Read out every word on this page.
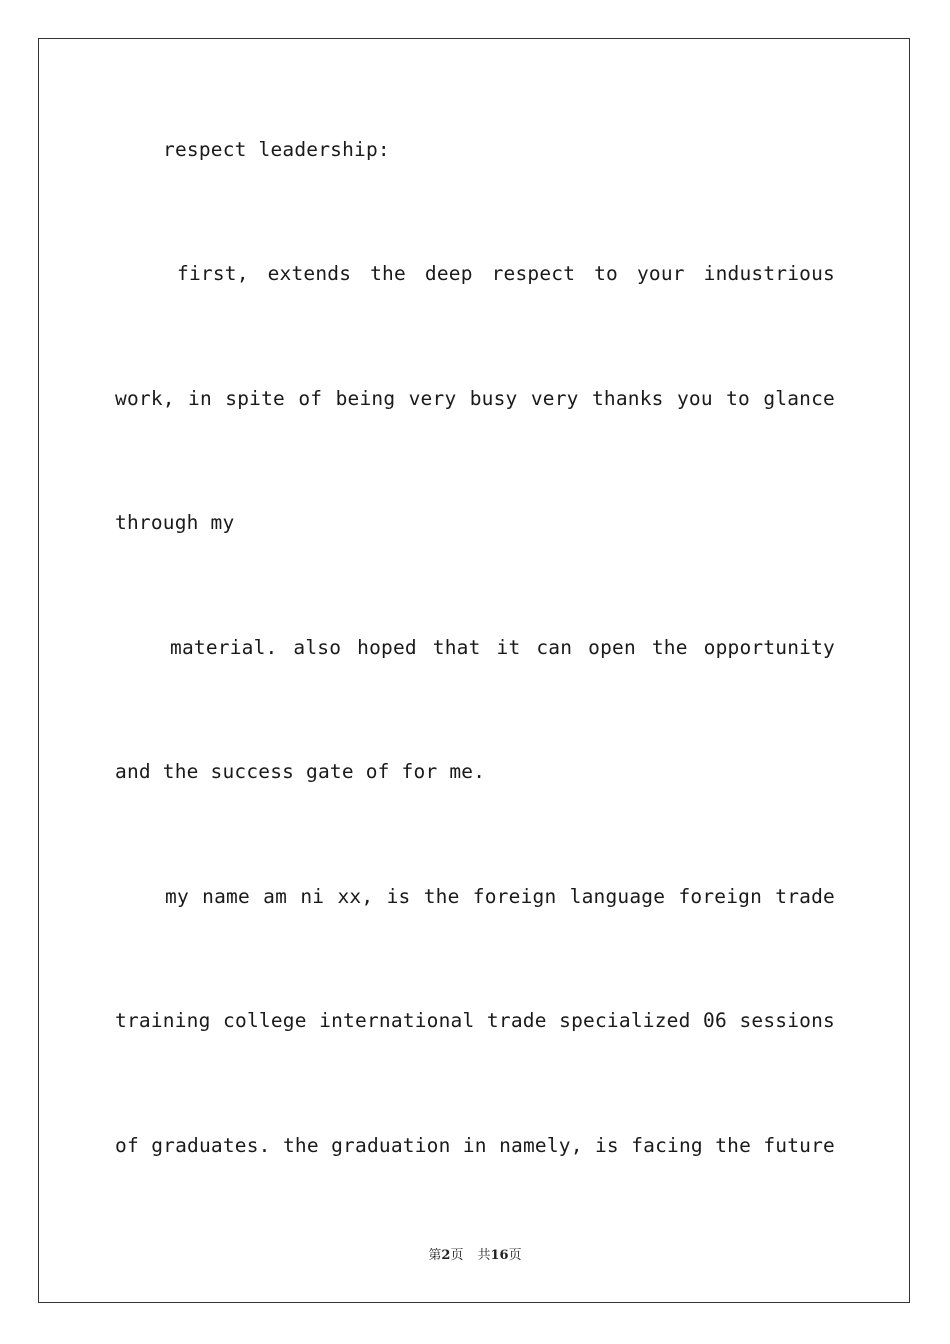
respect leadership:
first, extends the deep respect to your industrious
work, in spite of being very busy very thanks you to glance
through my
material. also hoped that it can open the opportunity
and the success gate of for me.
my name am ni xx, is the foreign language foreign trade
training college international trade specialized 06 sessions
of graduates. the graduation in namely, is facing the future
第2页 共16页
